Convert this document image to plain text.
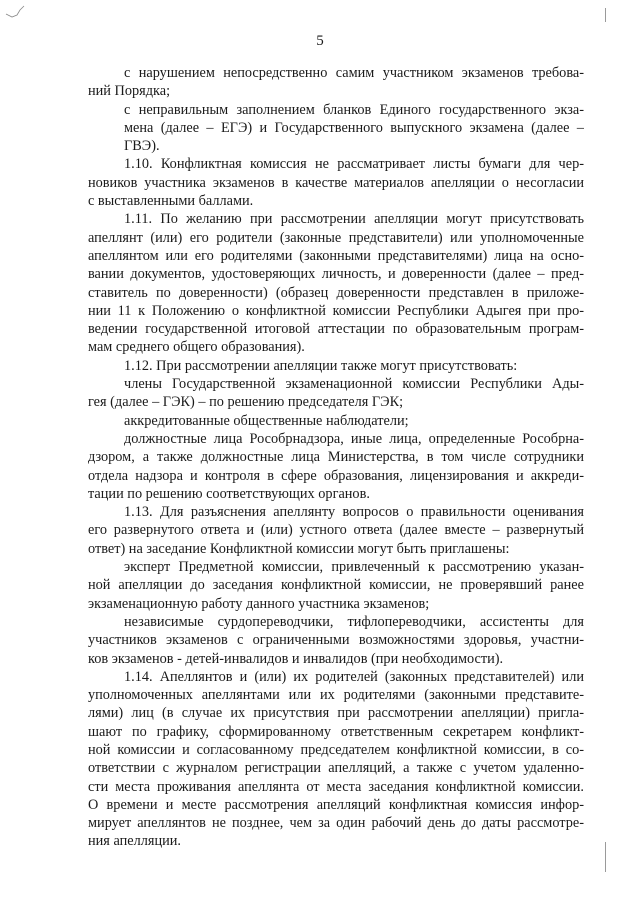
5
с нарушением непосредственно самим участником экзаменов требова-
ний Порядка;
с неправильным заполнением бланков Единого государственного экза-
мена (далее – ЕГЭ) и Государственного выпускного экзамена (далее –
ГВЭ).
1.10. Конфликтная комиссия не рассматривает листы бумаги для чер-
новиков участника экзаменов в качестве материалов апелляции о несогласии
с выставленными баллами.
1.11. По желанию при рассмотрении апелляции могут присутствовать
апеллянт (или) его родители (законные представители) или уполномоченные
апеллянтом или его родителями (законными представителями) лица на осно-
вании документов, удостоверяющих личность, и доверенности (далее – пред-
ставитель по доверенности) (образец доверенности представлен в приложе-
нии 11 к Положению о конфликтной комиссии Республики Адыгея при про-
ведении государственной итоговой аттестации по образовательным програм-
мам среднего общего образования).
1.12. При рассмотрении апелляции также могут присутствовать:
члены Государственной экзаменационной комиссии Республики Ады-
гея (далее – ГЭК) – по решению председателя ГЭК;
аккредитованные общественные наблюдатели;
должностные лица Рособрнадзора, иные лица, определенные Рособрна-
дзором, а также должностные лица Министерства, в том числе сотрудники
отдела надзора и контроля в сфере образования, лицензирования и аккреди-
тации по решению соответствующих органов.
1.13. Для разъяснения апеллянту вопросов о правильности оценивания
его развернутого ответа и (или) устного ответа (далее вместе – развернутый
ответ) на заседание Конфликтной комиссии могут быть приглашены:
эксперт Предметной комиссии, привлеченный к рассмотрению указан-
ной апелляции до заседания конфликтной комиссии, не проверявший ранее
экзаменационную работу данного участника экзаменов;
независимые сурдопереводчики, тифлопереводчики, ассистенты для
участников экзаменов с ограниченными возможностями здоровья, участни-
ков экзаменов - детей-инвалидов и инвалидов (при необходимости).
1.14. Апеллянтов и (или) их родителей (законных представителей) или
уполномоченных апеллянтами или их родителями (законными представите-
лями) лиц (в случае их присутствия при рассмотрении апелляции) пригла-
шают по графику, сформированному ответственным секретарем конфликт-
ной комиссии и согласованному председателем конфликтной комиссии, в со-
ответствии с журналом регистрации апелляций, а также с учетом удаленно-
сти места проживания апеллянта от места заседания конфликтной комиссии.
О времени и месте рассмотрения апелляций конфликтная комиссия инфор-
мирует апеллянтов не позднее, чем за один рабочий день до даты рассмотре-
ния апелляции.
